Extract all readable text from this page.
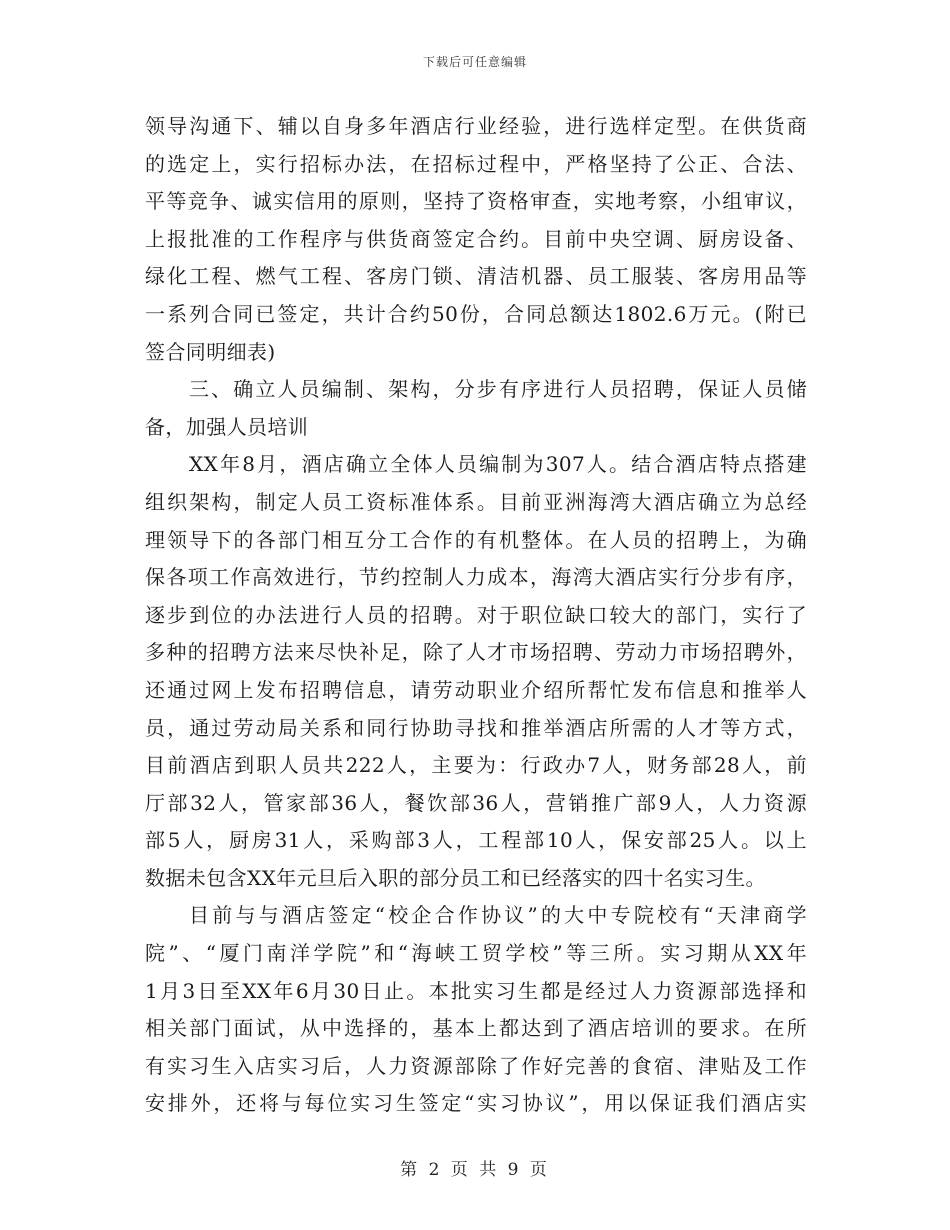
下载后可任意编辑
领导沟通下、辅以自身多年酒店行业经验，进行选样定型。在供货商
的选定上，实行招标办法，在招标过程中，严格坚持了公正、合法、
平等竞争、诚实信用的原则，坚持了资格审查，实地考察，小组审议，
上报批准的工作程序与供货商签定合约。目前中央空调、厨房设备、
绿化工程、燃气工程、客房门锁、清洁机器、员工服装、客房用品等
一系列合同已签定，共计合约50份，合同总额达1802.6万元。(附已
签合同明细表)
三、确立人员编制、架构，分步有序进行人员招聘，保证人员储
备，加强人员培训
XX年8月，酒店确立全体人员编制为307人。结合酒店特点搭建
组织架构，制定人员工资标准体系。目前亚洲海湾大酒店确立为总经
理领导下的各部门相互分工合作的有机整体。在人员的招聘上，为确
保各项工作高效进行，节约控制人力成本，海湾大酒店实行分步有序，
逐步到位的办法进行人员的招聘。对于职位缺口较大的部门，实行了
多种的招聘方法来尽快补足，除了人才市场招聘、劳动力市场招聘外，
还通过网上发布招聘信息，请劳动职业介绍所帮忙发布信息和推举人
员，通过劳动局关系和同行协助寻找和推举酒店所需的人才等方式，
目前酒店到职人员共222人，主要为：行政办7人，财务部28人，前
厅部32人，管家部36人，餐饮部36人，营销推广部9人，人力资源
部5人，厨房31人，采购部3人，工程部10人，保安部25人。以上
数据未包含XX年元旦后入职的部分员工和已经落实的四十名实习生。
目前与与酒店签定“校企合作协议”的大中专院校有“天津商学
院”、“厦门南洋学院”和“海峡工贸学校”等三所。实习期从XX年
1月3日至XX年6月30日止。本批实习生都是经过人力资源部选择和
相关部门面试，从中选择的，基本上都达到了酒店培训的要求。在所
有实习生入店实习后，人力资源部除了作好完善的食宿、津贴及工作
安排外，还将与每位实习生签定“实习协议”，用以保证我们酒店实
第 2 页 共 9 页
